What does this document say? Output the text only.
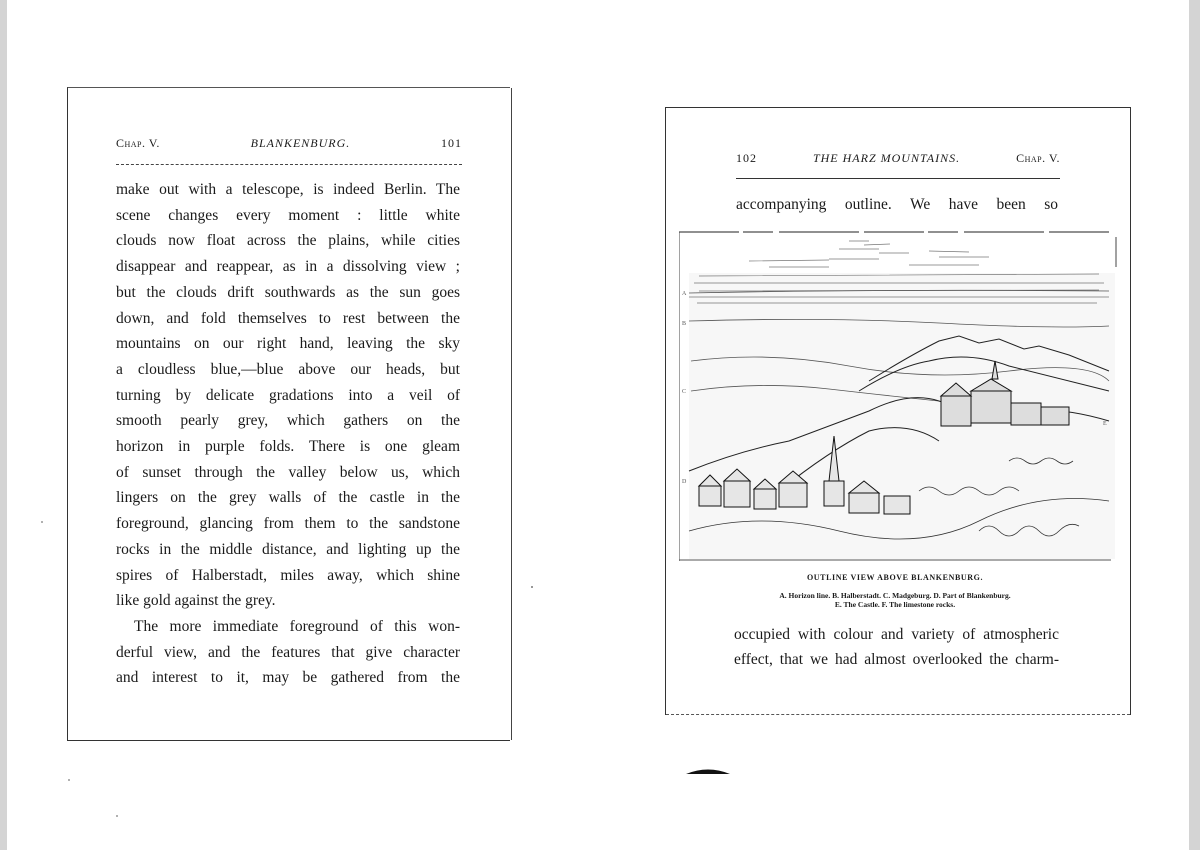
Chap. V.	BLANKENBURG.	101
make out with a telescope, is indeed Berlin. The
scene changes every moment : little white
clouds now float across the plains, while cities
disappear and reappear, as in a dissolving view ;
but the clouds drift southwards as the sun goes
down, and fold themselves to rest between the
mountains on our right hand, leaving the sky
a cloudless blue,—blue above our heads, but
turning by delicate gradations into a veil of
smooth pearly grey, which gathers on the
horizon in purple folds. There is one gleam
of sunset through the valley below us, which
lingers on the grey walls of the castle in the
foreground, glancing from them to the sandstone
rocks in the middle distance, and lighting up the
spires of Halberstadt, miles away, which shine
like gold against the grey.
The more immediate foreground of this won-
derful view, and the features that give character
and interest to it, may be gathered from the
102	THE HARZ MOUNTAINS.	Chap. V.
accompanying outline. We have been so
occupied with colour and variety of atmospheric
effect, that we had almost overlooked the charm-
A
B
C
D
E
OUTLINE VIEW ABOVE BLANKENBURG.
A. Horizon line. B. Halberstadt. C. Madgeburg. D. Part of Blankenburg.
E. The Castle. F. The limestone rocks.
